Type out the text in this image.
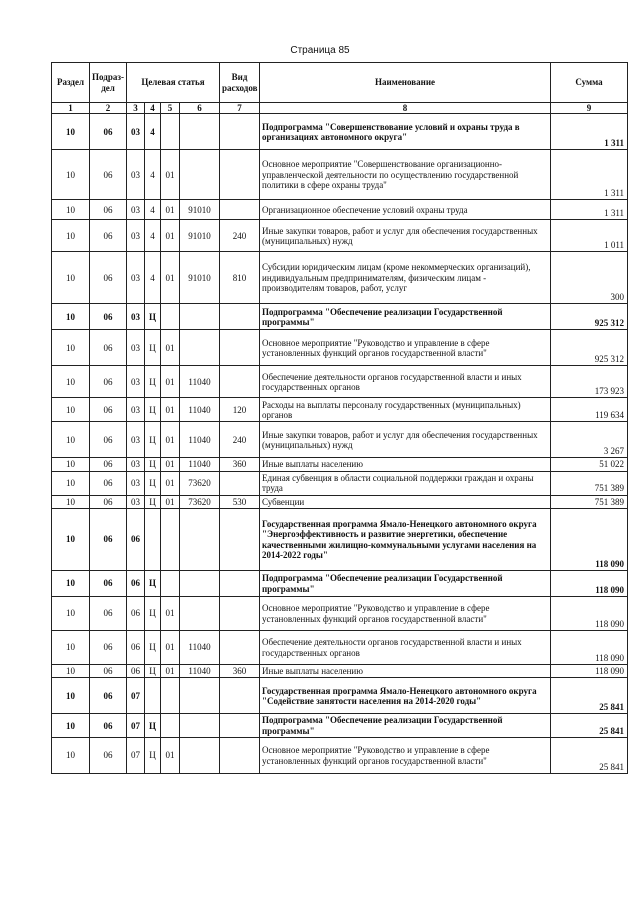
Страница 85
Раздел	Подраз-дел	Целевая статья				Вид расходов	Наименование	Сумма
1	2	3	4	5	6	7	8	9
10	06	03	4				Подпрограмма "Совершенствование условий и охраны труда в организациях автономного округа"	1 311
10	06	03	4	01			Основное мероприятие "Совершенствование организационно-управленческой деятельности по осуществлению государственной политики в сфере охраны труда"	1 311
10	06	03	4	01	91010		Организационное обеспечение условий охраны труда	1 311
10	06	03	4	01	91010	240	Иные закупки товаров, работ и услуг для обеспечения государственных (муниципальных) нужд	1 011
10	06	03	4	01	91010	810	Субсидии юридическим лицам (кроме некоммерческих организаций), индивидуальным предпринимателям, физическим лицам - производителям товаров, работ, услуг	300
10	06	03	Ц				Подпрограмма "Обеспечение реализации Государственной программы"	925 312
10	06	03	Ц	01			Основное мероприятие "Руководство и управление в сфере установленных функций органов государственной власти"	925 312
10	06	03	Ц	01	11040		Обеспечение деятельности органов государственной власти и иных государственных органов	173 923
10	06	03	Ц	01	11040	120	Расходы на выплаты персоналу государственных (муниципальных) органов	119 634
10	06	03	Ц	01	11040	240	Иные закупки товаров, работ и услуг для обеспечения государственных (муниципальных) нужд	3 267
10	06	03	Ц	01	11040	360	Иные выплаты населению	51 022
10	06	03	Ц	01	73620		Единая субвенция в области социальной поддержки граждан и охраны труда	751 389
10	06	03	Ц	01	73620	530	Субвенции	751 389
10	06	06					Государственная программа Ямало-Ненецкого автономного округа "Энергоэффективность и развитие энергетики, обеспечение качественными жилищно-коммунальными услугами населения на 2014-2022 годы"	118 090
10	06	06	Ц				Подпрограмма "Обеспечение реализации Государственной программы"	118 090
10	06	06	Ц	01			Основное мероприятие "Руководство и управление в сфере установленных функций органов государственной власти"	118 090
10	06	06	Ц	01	11040		Обеспечение деятельности органов государственной власти и иных государственных органов	118 090
10	06	06	Ц	01	11040	360	Иные выплаты населению	118 090
10	06	07					Государственная программа Ямало-Ненецкого автономного округа "Содействие занятости населения на 2014-2020 годы"	25 841
10	06	07	Ц				Подпрограмма "Обеспечение реализации Государственной программы"	25 841
10	06	07	Ц	01			Основное мероприятие "Руководство и управление в сфере установленных функций органов государственной власти"	25 841
